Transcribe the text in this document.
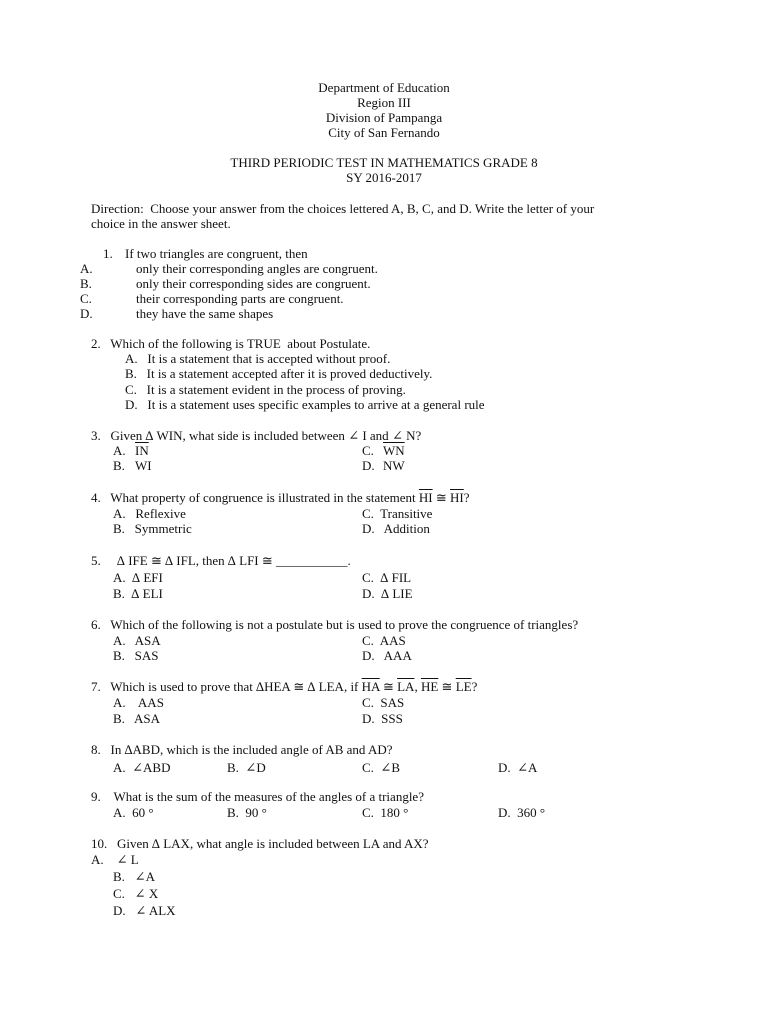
Department of Education
Region III
Division of Pampanga
City of San Fernando
THIRD PERIODIC TEST IN MATHEMATICS GRADE 8
SY 2016-2017
Direction:  Choose your answer from the choices lettered A, B, C, and D. Write the letter of your
choice in the answer sheet.
1. If two triangles are congruent, then
A.	only their corresponding angles are congruent.
B.	only their corresponding sides are congruent.
C.	their corresponding parts are congruent.
D.	they have the same shapes
2.   Which of the following is TRUE  about Postulate.
A.   It is a statement that is accepted without proof.
B.   It is a statement accepted after it is proved deductively.
C.   It is a statement evident in the process of proving.
D.   It is a statement uses specific examples to arrive at a general rule
3.   Given ∆ WIN, what side is included between ∠ I and ∠ N?
A. $\overline{IN}$	C. $\overline{WN}$
B. WI	D. NW
4.   What property of congruence is illustrated in the statement $\overline{HI}$ ≅ $\overline{HI}$?
A.   Reflexive	C.  Transitive
B.   Symmetric	D.   Addition
5.     ∆ IFE ≅ ∆ IFL, then ∆ LFI ≅ ___________.
A.  ∆ EFI	C.  ∆ FIL
B.  ∆ ELI	D.  ∆ LIE
6.   Which of the following is not a postulate but is used to prove the congruence of triangles?
A.   ASA	C.  AAS
B.   SAS	D.   AAA
7.   Which is used to prove that ∆HEA ≅ ∆ LEA, if $\overline{HA}$ ≅ $\overline{LA}$, $\overline{HE}$ ≅ $\overline{LE}$?
A.    AAS	C.  SAS
B.   ASA	D.  SSS
8.   In ∆ABD, which is the included angle of AB and AD?
A.  ∠ABD	B.  ∠D	C.  ∠B	D.  ∠A
9.    What is the sum of the measures of the angles of a triangle?
A.  60 °	B.  90 °	C.  180 °	D.  360 °
10.   Given ∆ LAX, what angle is included between LA and AX?
A.    ∠ L
B.   ∠A
C.   ∠ X
D.   ∠ ALX
